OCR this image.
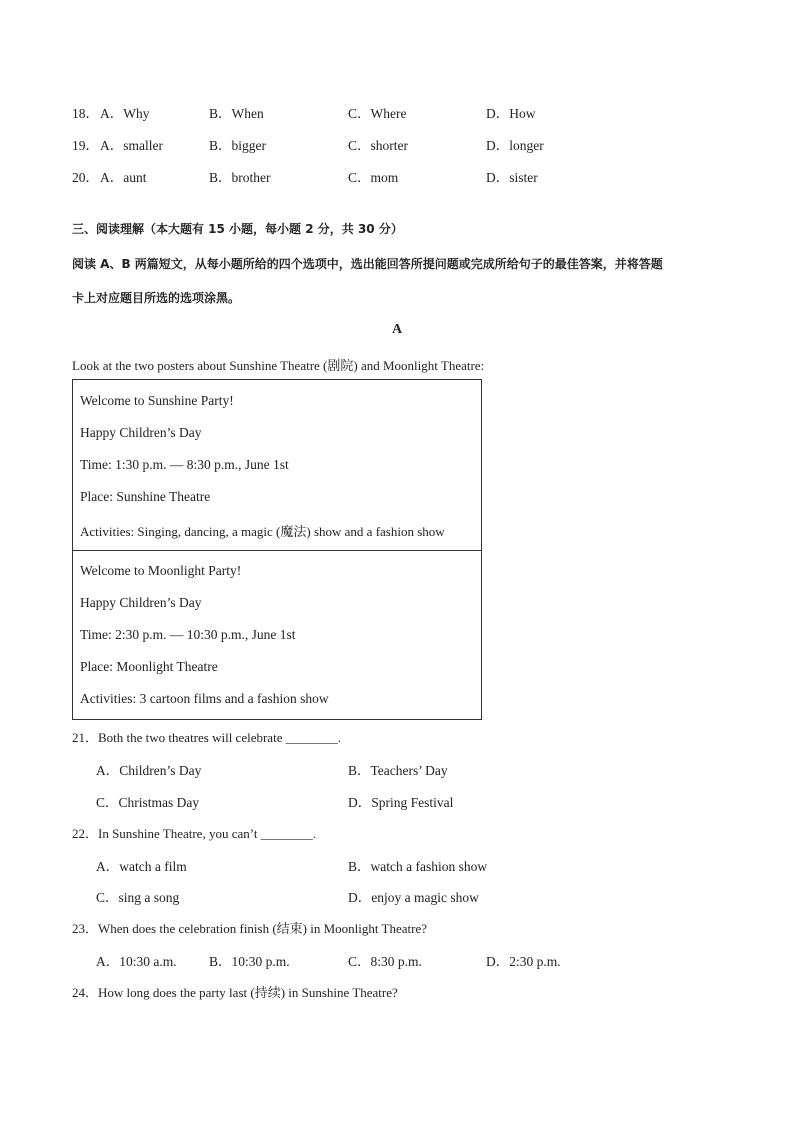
18． A．Why	B．When	C．Where	D．How
19． A．smaller	B．bigger	C．shorter	D．longer
20． A．aunt	B．brother	C．mom	D．sister
三、阅读理解（本大题有 15 小题，每小题 2 分，共 30 分）
阅读 A、B 两篇短文，从每小题所给的四个选项中，选出能回答所提问题或完成所给句子的最佳答案，并将答题
卡上对应题目所选的选项涂黑。
A
Look at the two posters about Sunshine Theatre (剧院) and Moonlight Theatre:
Welcome to Sunshine Party!
Happy Children’s Day
Time: 1:30 p.m. — 8:30 p.m., June 1st
Place: Sunshine Theatre
Activities: Singing, dancing, a magic (魔法) show and a fashion show
Welcome to Moonlight Party!
Happy Children’s Day
Time: 2:30 p.m. — 10:30 p.m., June 1st
Place: Moonlight Theatre
Activities: 3 cartoon films and a fashion show
21．Both the two theatres will celebrate ________.
A．Children’s Day	B．Teachers’ Day
C．Christmas Day	D．Spring Festival
22．In Sunshine Theatre, you can’t ________.
A．watch a film	B．watch a fashion show
C．sing a song	D．enjoy a magic show
23．When does the celebration finish (结束) in Moonlight Theatre?
A．10:30 a.m. B．10:30 p.m.	C．8:30 p.m.	D．2:30 p.m.
24．How long does the party last (持续) in Sunshine Theatre?
